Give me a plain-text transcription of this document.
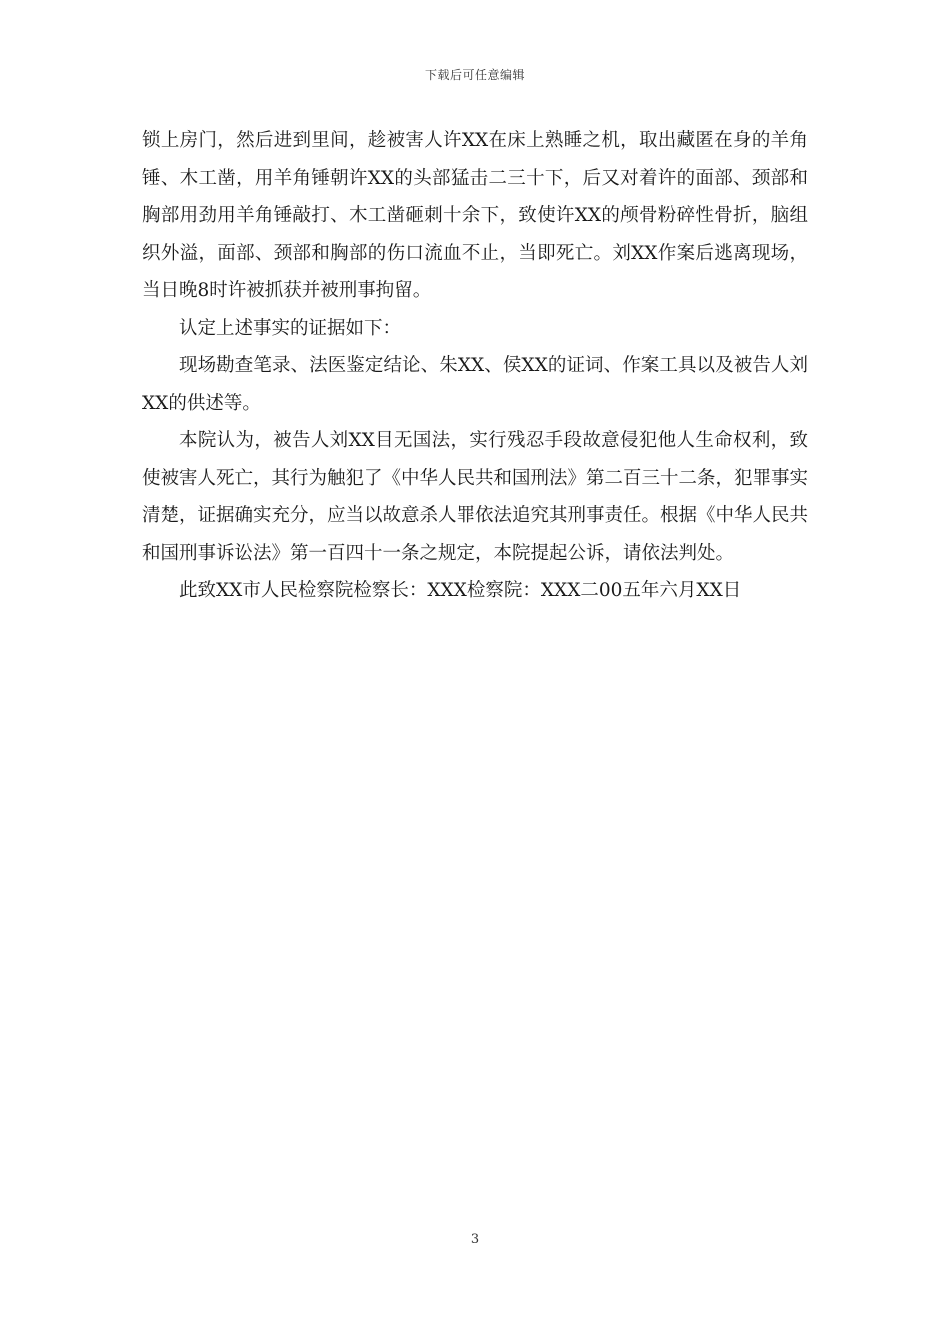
下载后可任意编辑

锁上房门，然后进到里间，趁被害人许XX在床上熟睡之机，取出藏匿在身的羊角锤、木工凿，用羊角锤朝许XX的头部猛击二三十下，后又对着许的面部、颈部和胸部用劲用羊角锤敲打、木工凿砸刺十余下，致使许XX的颅骨粉碎性骨折，脑组织外溢，面部、颈部和胸部的伤口流血不止，当即死亡。刘XX作案后逃离现场，当日晚8时许被抓获并被刑事拘留。

认定上述事实的证据如下：

现场勘查笔录、法医鉴定结论、朱XX、侯XX的证词、作案工具以及被告人刘XX的供述等。

本院认为，被告人刘XX目无国法，实行残忍手段故意侵犯他人生命权利，致使被害人死亡，其行为触犯了《中华人民共和国刑法》第二百三十二条，犯罪事实清楚，证据确实充分，应当以故意杀人罪依法追究其刑事责任。根据《中华人民共和国刑事诉讼法》第一百四十一条之规定，本院提起公诉，请依法判处。

此致XX市人民检察院检察长：XXX检察院：XXX二00五年六月XX日

3
